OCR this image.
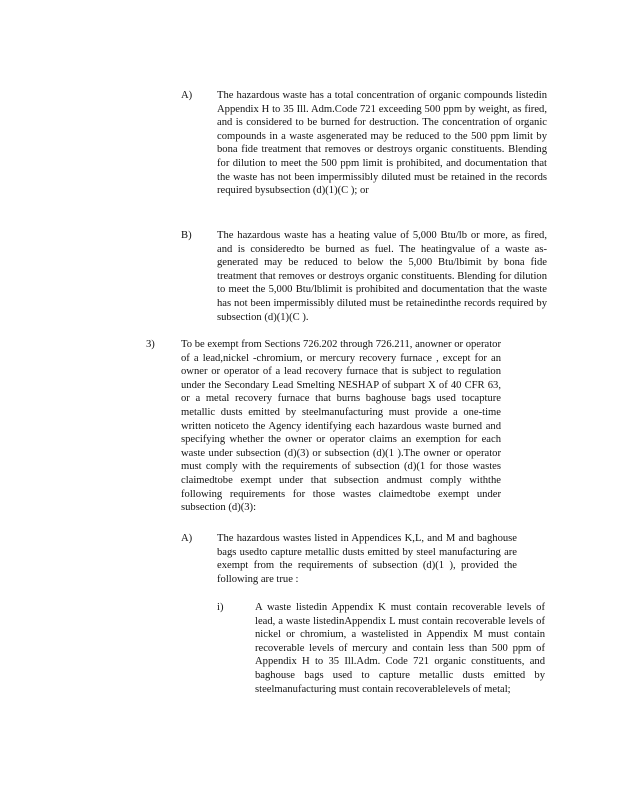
A) The hazardous waste has a total concentration of organic compounds listedin Appendix H to 35 Ill. Adm.Code 721 exceeding 500 ppm by weight, as fired, and is considered to be burned for destruction. The concentration of organic compounds in a waste asgenerated may be reduced to the 500 ppm limit by bona fide treatment that removes or destroys organic constituents. Blending for dilution to meet the 500 ppm limit is prohibited, and documentation that the waste has not been impermissibly diluted must be retained in the records required bysubsection (d)(1)(C ); or
B) The hazardous waste has a heating value of 5,000 Btu/lb or more, as fired, and is consideredto be burned as fuel. The heatingvalue of a waste as-generated may be reduced to below the 5,000 Btu/lbimit by bona fide treatment that removes or destroys organic constituents. Blending for dilution to meet the 5,000 Btu/lblimit is prohibited and documentation that the waste has not been impermissibly diluted must be retainedinthe records required by subsection (d)(1)(C ).
3) To be exempt from Sections 726.202 through 726.211, anowner or operator of a lead,nickel -chromium, or mercury recovery furnace , except for an owner or operator of a lead recovery furnace that is subject to regulation under the Secondary Lead Smelting NESHAP of subpart X of 40 CFR 63, or a metal recovery furnace that burns baghouse bags used tocapture metallic dusts emitted by steelmanufacturing must provide a one-time written noticeto the Agency identifying each hazardous waste burned and specifying whether the owner or operator claims an exemption for each waste under subsection (d)(3) or subsection (d)(1 ).The owner or operator must comply with the requirements of subsection (d)(1 for those wastes claimedtobe exempt under that subsection andmust comply withthe following requirements for those wastes claimedtobe exempt under subsection (d)(3):
A) The hazardous wastes listed in Appendices K,L, and M and baghouse bags usedto capture metallic dusts emitted by steel manufacturing are exempt from the requirements of subsection (d)(1 ), provided the following are true :
i)	A waste listedin Appendix K must contain recoverable levels of lead, a waste listedinAppendix L must contain recoverable levels of nickel or chromium, a wastelisted in Appendix M must contain recoverable levels of mercury and contain less than 500 ppm of Appendix H to 35 Ill.Adm. Code 721 organic constituents, and baghouse bags used to capture metallic dusts emitted by steelmanufacturing must contain recoverablelevels of metal;
